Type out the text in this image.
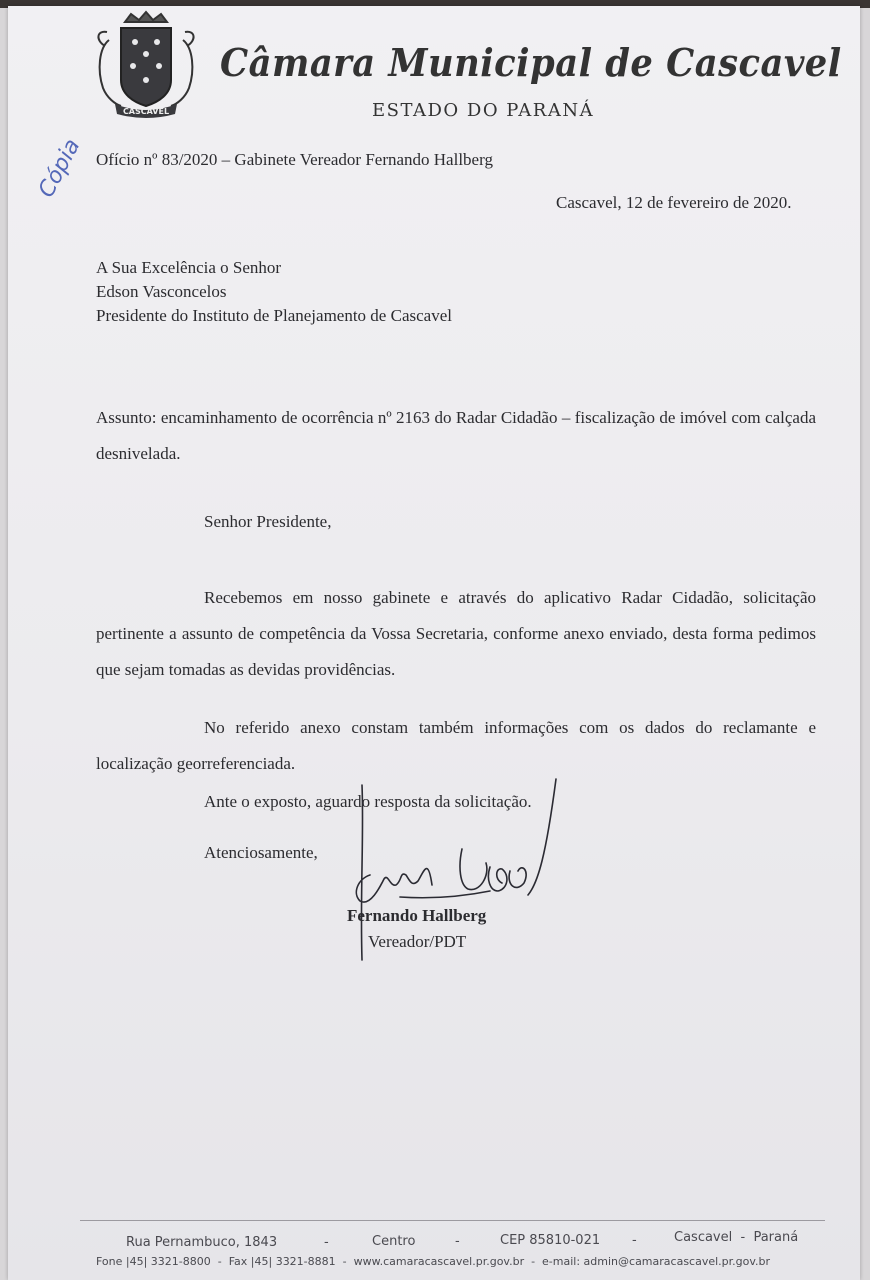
CASCAVEL
Câmara Municipal de Cascavel
ESTADO DO PARANÁ
Cópia Ofício nº 83/2020 – Gabinete Vereador Fernando Hallberg
Cascavel, 12 de fevereiro de 2020.
A Sua Excelência o Senhor
Edson Vasconcelos
Presidente do Instituto de Planejamento de Cascavel
Assunto: encaminhamento de ocorrência nº 2163 do Radar Cidadão – fiscalização de imóvel com calçada desnivelada.
Senhor Presidente,
Recebemos em nosso gabinete e através do aplicativo Radar Cidadão, solicitação pertinente a assunto de competência da Vossa Secretaria, conforme anexo enviado, desta forma pedimos que sejam tomadas as devidas providências.
No referido anexo constam também informações com os dados do reclamante e localização georreferenciada.
Ante o exposto, aguardo resposta da solicitação.
Atenciosamente,
Fernando Hallberg
Vereador/PDT
Rua Pernambuco, 1843	-	Centro	-	CEP 85810-021 -	Cascavel  -  Paraná
Fone |45| 3321-8800  -  Fax |45| 3321-8881  -  www.camaracascavel.pr.gov.br  -  e-mail: admin@camaracascavel.pr.gov.br
